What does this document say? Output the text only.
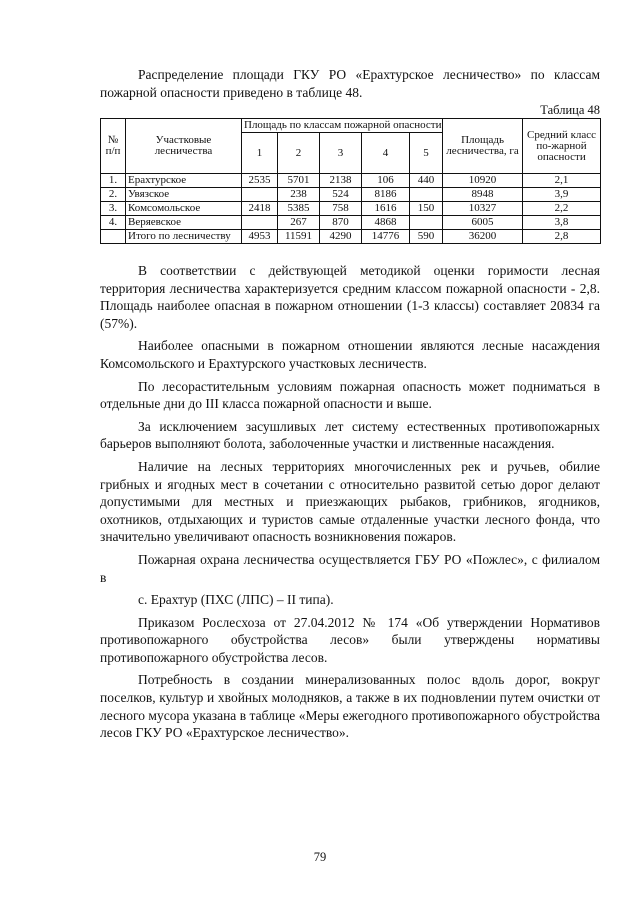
Распределение площади ГКУ РО «Ерахтурское лесничество» по классам пожарной опасности приведено в таблице 48.
Таблица 48
№ п/п	Участковые лесничества	Площадь по классам пожарной опасности					Площадь лесничества, га	Средний класс по-жарной опасности
		1	2	3	4	5		
1.	Ерахтурское	2535	5701	2138	106	440	10920	2,1
2.	Увязское		238	524	8186		8948	3,9
3.	Комсомольское	2418	5385	758	1616	150	10327	2,2
4.	Веряевское		267	870	4868		6005	3,8
	Итого по лесничеству	4953	11591	4290	14776	590	36200	2,8

В соответствии с действующей методикой оценки горимости лесная территория лесничества характеризуется средним классом пожарной опасности - 2,8. Площадь наиболее опасная в пожарном отношении (1-3 классы) составляет 20834 га (57%).

Наиболее опасными в пожарном отношении являются лесные насаждения Комсомольского и Ерахтурского участковых лесничеств.

По лесорастительным условиям пожарная опасность может подниматься в отдельные дни до III класса пожарной опасности и выше.

За исключением засушливых лет систему естественных противопожарных барьеров выполняют болота, заболоченные участки и лиственные насаждения.

Наличие на лесных территориях многочисленных рек и ручьев, обилие грибных и ягодных мест в сочетании с относительно развитой сетью дорог делают допустимыми для местных и приезжающих рыбаков, грибников, ягодников, охотников, отдыхающих и туристов самые отдаленные участки лесного фонда, что значительно увеличивают опасность возникновения пожаров.

Пожарная охрана лесничества осуществляется ГБУ РО «Пожлес», с филиалом в

с. Ерахтур (ПХС (ЛПС) – II типа).

Приказом Рослесхоза от 27.04.2012 № 174 «Об утверждении Нормативов противопожарного обустройства лесов» были утверждены нормативы противопожарного обустройства лесов.

Потребность в создании минерализованных полос вдоль дорог, вокруг поселков, культур и хвойных молодняков, а также в их подновлении путем очистки от лесного мусора указана в таблице «Меры ежегодного противопожарного обустройства лесов ГКУ РО «Ерахтурское лесничество».

79
